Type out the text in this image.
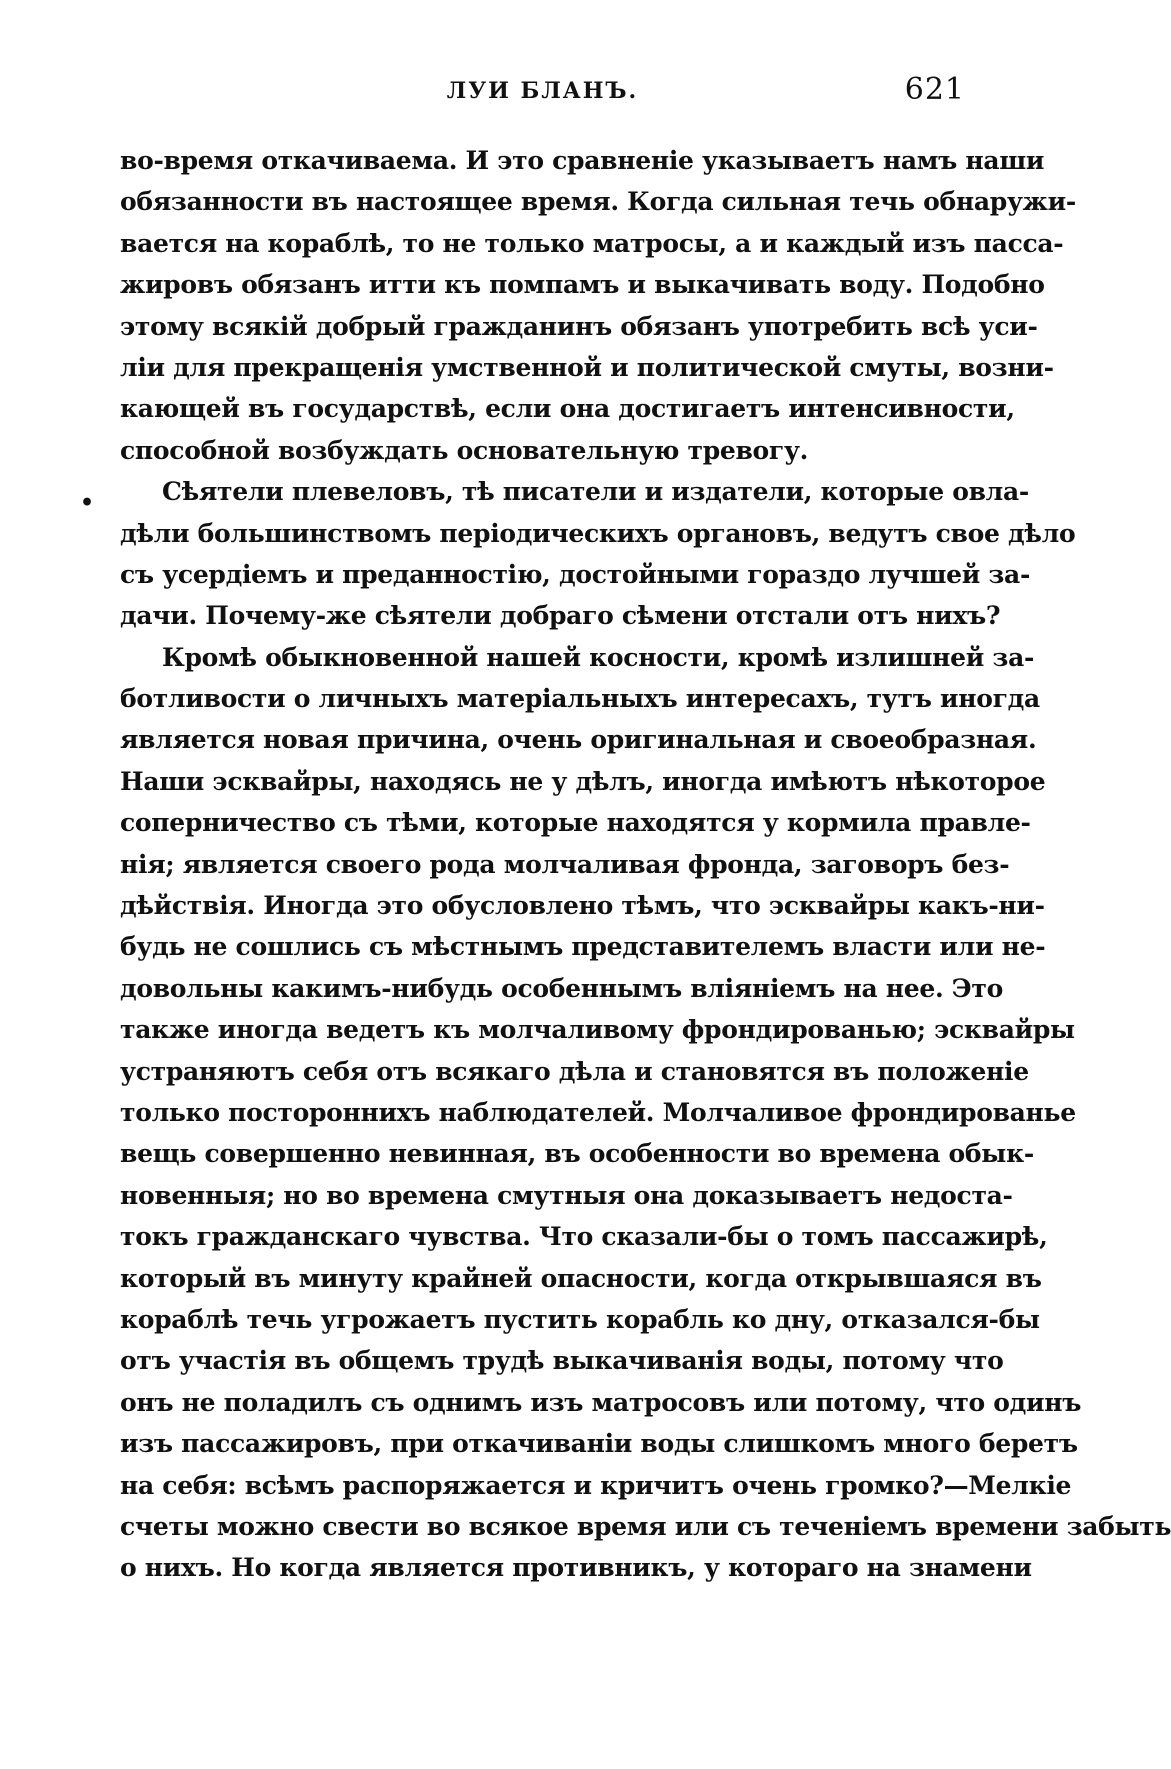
ЛУИ БЛАНЪ.	621
•
во-время откачиваема. И это сравненіе указываетъ намъ наши
обязанности въ настоящее время. Когда сильная течь обнаружи-
вается на кораблѣ, то не только матросы, а и каждый изъ пасса-
жировъ обязанъ итти къ помпамъ и выкачивать воду. Подобно
этому всякій добрый гражданинъ обязанъ употребить всѣ уси-
ліи для прекращенія умственной и политической смуты, возни-
кающей въ государствѣ, если она достигаетъ интенсивности,
способной возбуждать основательную тревогу.
Сѣятели плевеловъ, тѣ писатели и издатели, которые овла-
дѣли большинствомъ періодическихъ органовъ, ведутъ свое дѣло
съ усердіемъ и преданностію, достойными гораздо лучшей за-
дачи. Почему-же сѣятели добраго сѣмени отстали отъ нихъ?
Кромѣ обыкновенной нашей косности, кромѣ излишней за-
ботливости о личныхъ матеріальныхъ интересахъ, тутъ иногда
является новая причина, очень оригинальная и своеобразная.
Наши эсквайры, находясь не у дѣлъ, иногда имѣютъ нѣкоторое
соперничество съ тѣми, которые находятся у кормила правле-
нія; является своего рода молчаливая фронда, заговоръ без-
дѣйствія. Иногда это обусловлено тѣмъ, что эсквайры какъ-ни-
будь не сошлись съ мѣстнымъ представителемъ власти или не-
довольны какимъ-нибудь особеннымъ вліяніемъ на нее. Это
также иногда ведетъ къ молчаливому фрондированью; эсквайры
устраняютъ себя отъ всякаго дѣла и становятся въ положеніе
только постороннихъ наблюдателей. Молчаливое фрондированье
вещь совершенно невинная, въ особенности во времена обык-
новенныя; но во времена смутныя она доказываетъ недоста-
токъ гражданскаго чувства. Что сказали-бы о томъ пассажирѣ,
который въ минуту крайней опасности, когда открывшаяся въ
кораблѣ течь угрожаетъ пустить корабль ко дну, отказался-бы
отъ участія въ общемъ трудѣ выкачиванія воды, потому что
онъ не поладилъ съ однимъ изъ матросовъ или потому, что одинъ
изъ пассажировъ, при откачиваніи воды слишкомъ много беретъ
на себя: всѣмъ распоряжается и кричитъ очень громко?—Мелкіе
счеты можно свести во всякое время или съ теченіемъ времени забыть
о нихъ. Но когда является противникъ, у котораго на знамени
